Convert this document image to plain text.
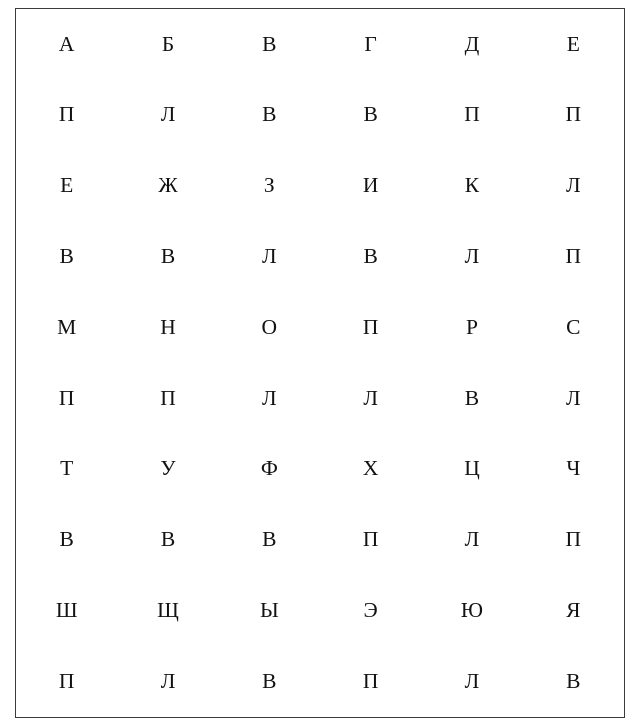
А	Б	В	Г	Д	Е
П	Л	В	В	П	П
Е	Ж	З	И	К	Л
В	В	Л	В	Л	П
М	Н	О	П	Р	С
П	П	Л	Л	В	Л
Т	У	Ф	Х	Ц	Ч
В	В	В	П	Л	П
Ш	Щ	Ы	Э	Ю	Я
П	Л	В	П	Л	В
